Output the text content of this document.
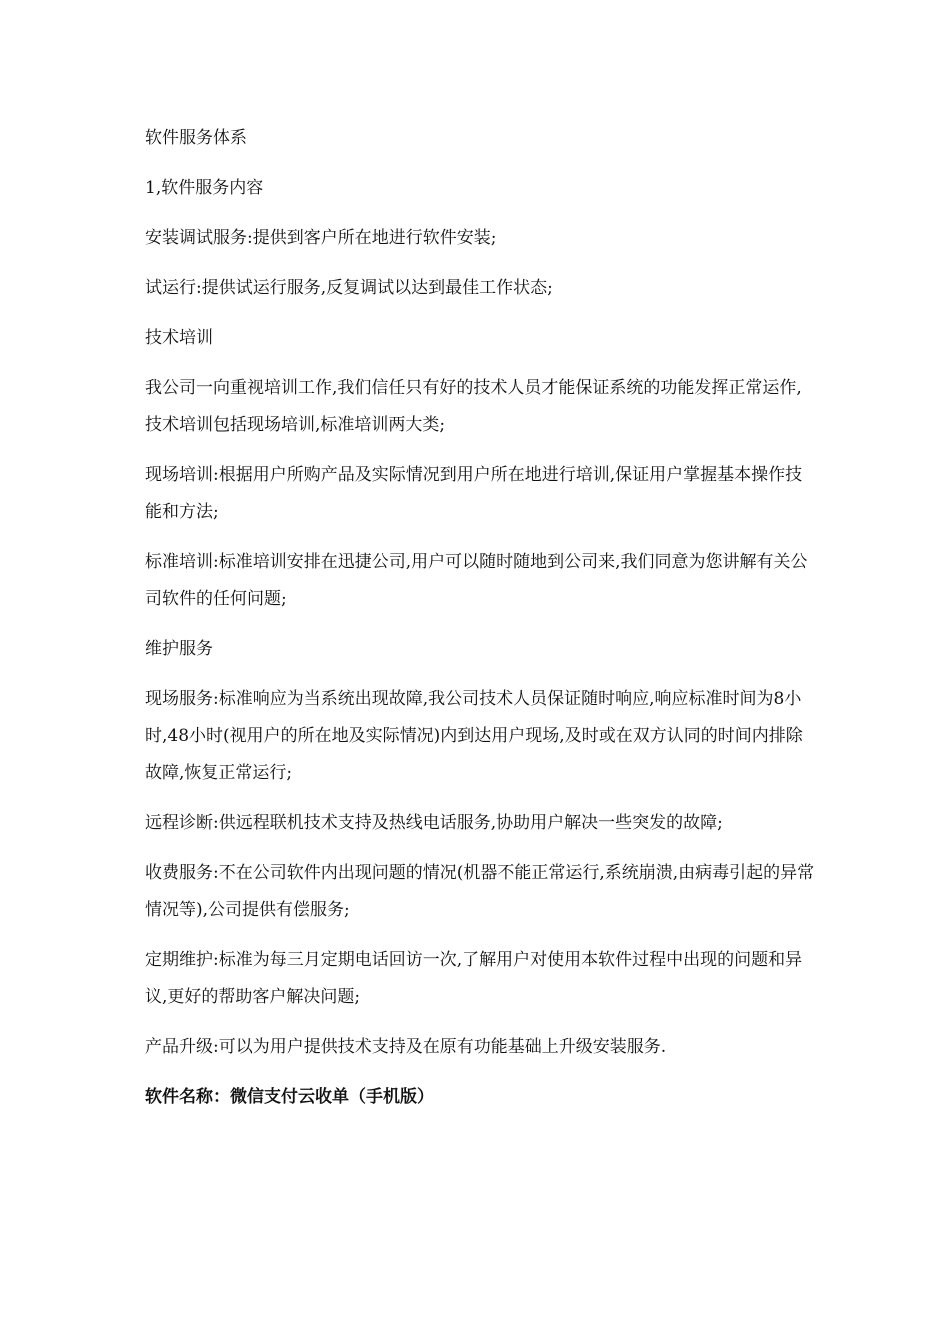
软件服务体系

1,软件服务内容

安装调试服务:提供到客户所在地进行软件安装;

试运行:提供试运行服务,反复调试以达到最佳工作状态;

技术培训

我公司一向重视培训工作,我们信任只有好的技术人员才能保证系统的功能发挥正常运作,技术培训包括现场培训,标准培训两大类;

现场培训:根据用户所购产品及实际情况到用户所在地进行培训,保证用户掌握基本操作技能和方法;

标准培训:标准培训安排在迅捷公司,用户可以随时随地到公司来,我们同意为您讲解有关公司软件的任何问题;

维护服务

现场服务:标准响应为当系统出现故障,我公司技术人员保证随时响应,响应标准时间为8小时,48小时(视用户的所在地及实际情况)内到达用户现场,及时或在双方认同的时间内排除故障,恢复正常运行;

远程诊断:供远程联机技术支持及热线电话服务,协助用户解决一些突发的故障;

收费服务:不在公司软件内出现问题的情况(机器不能正常运行,系统崩溃,由病毒引起的异常情况等),公司提供有偿服务;

定期维护:标准为每三月定期电话回访一次,了解用户对使用本软件过程中出现的问题和异议,更好的帮助客户解决问题;

产品升级:可以为用户提供技术支持及在原有功能基础上升级安装服务.

软件名称：微信支付云收单（手机版）
